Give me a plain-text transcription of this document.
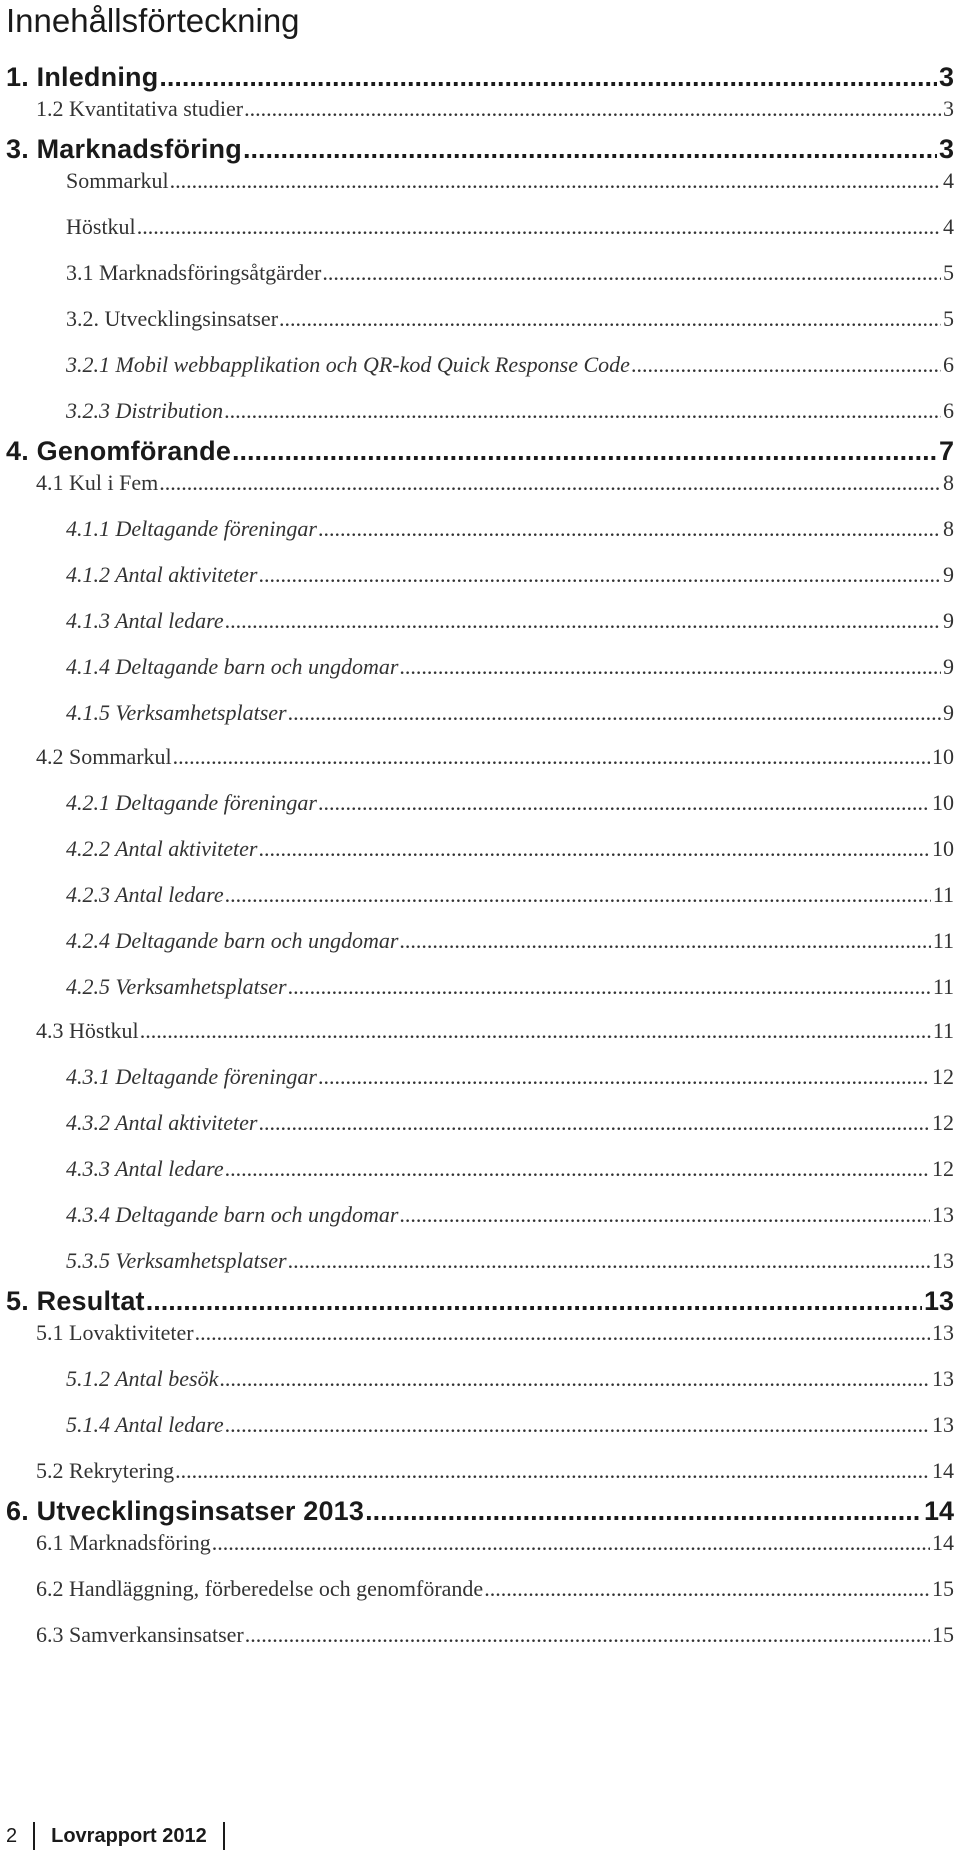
Innehållsförteckning
1. Inledning .....	3
1.2 Kvantitativa studier .....	3
3. Marknadsföring .....	3
Sommarkul .....	4
Höstkul .....	4
3.1 Marknadsföringsåtgärder .....	5
3.2. Utvecklingsinsatser .....	5
3.2.1 Mobil webbapplikation och QR-kod Quick Response Code .....	6
3.2.3 Distribution .....	6
4. Genomförande .....	7
4.1 Kul i Fem .....	8
4.1.1 Deltagande föreningar .....	8
4.1.2 Antal aktiviteter .....	9
4.1.3 Antal ledare .....	9
4.1.4 Deltagande barn och ungdomar .....	9
4.1.5 Verksamhetsplatser .....	9
4.2 Sommarkul .....	10
4.2.1 Deltagande föreningar .....	10
4.2.2 Antal aktiviteter .....	10
4.2.3 Antal ledare .....	11
4.2.4 Deltagande barn och ungdomar .....	11
4.2.5 Verksamhetsplatser .....	11
4.3 Höstkul .....	11
4.3.1 Deltagande föreningar .....	12
4.3.2 Antal aktiviteter .....	12
4.3.3 Antal ledare .....	12
4.3.4 Deltagande barn och ungdomar .....	13
5.3.5 Verksamhetsplatser .....	13
5. Resultat .....	13
5.1 Lovaktiviteter .....	13
5.1.2 Antal besök .....	13
5.1.4 Antal ledare .....	13
5.2 Rekrytering .....	14
6. Utvecklingsinsatser 2013 .....	14
6.1 Marknadsföring .....	14
6.2 Handläggning, förberedelse och genomförande .....	15
6.3 Samverkansinsatser .....	15
2 Lovrapport 2012
